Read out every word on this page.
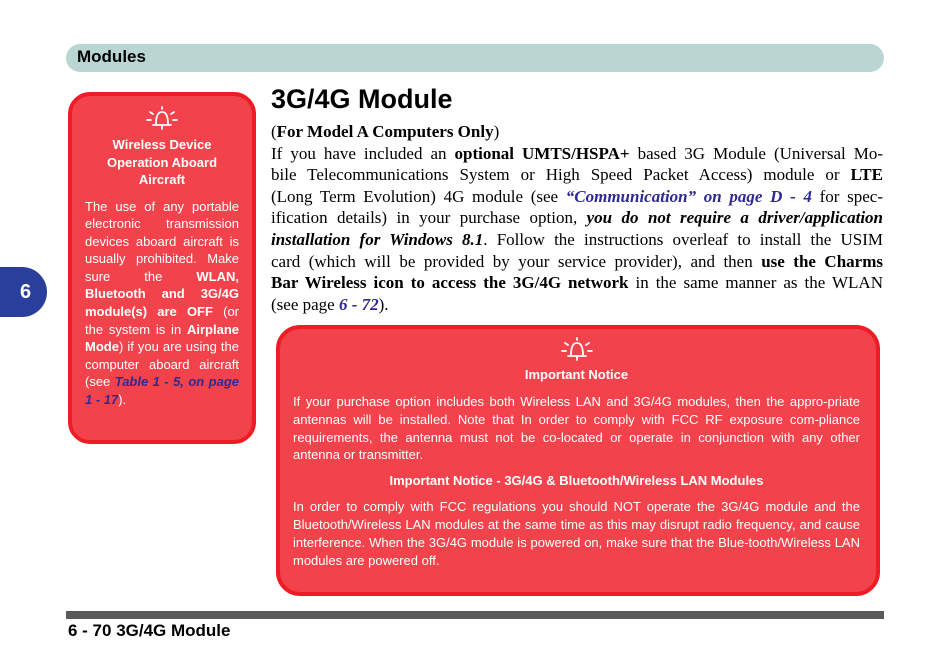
Modules
6
Wireless Device
Operation Aboard
Aircraft
The use of any portable electronic transmission devices aboard aircraft is usually prohibited. Make sure the WLAN, Bluetooth and 3G/4G module(s) are OFF (or the system is in Airplane Mode) if you are using the computer aboard aircraft (see Table 1 - 5, on page 1 - 17).
3G/4G Module
(For Model A Computers Only)
If you have included an optional UMTS/HSPA+ based 3G Module (Universal Mo-
bile Telecommunications System or High Speed Packet Access) module or LTE
(Long Term Evolution) 4G module (see “Communication” on page D - 4 for spec-
ification details) in your purchase option, you do not require a driver/application
installation for Windows 8.1. Follow the instructions overleaf to install the USIM
card (which will be provided by your service provider), and then use the Charms
Bar Wireless icon to access the 3G/4G network in the same manner as the WLAN
(see page 6 - 72).
Important Notice
If your purchase option includes both Wireless LAN and 3G/4G modules, then the appro-priate antennas will be installed. Note that In order to comply with FCC RF exposure com-pliance requirements, the antenna must not be co-located or operate in conjunction with any other antenna or transmitter.
Important Notice - 3G/4G & Bluetooth/Wireless LAN Modules
In order to comply with FCC regulations you should NOT operate the 3G/4G module and the Bluetooth/Wireless LAN modules at the same time as this may disrupt radio frequency, and cause interference. When the 3G/4G module is powered on, make sure that the Blue-tooth/Wireless LAN modules are powered off.
6 - 70 3G/4G Module
